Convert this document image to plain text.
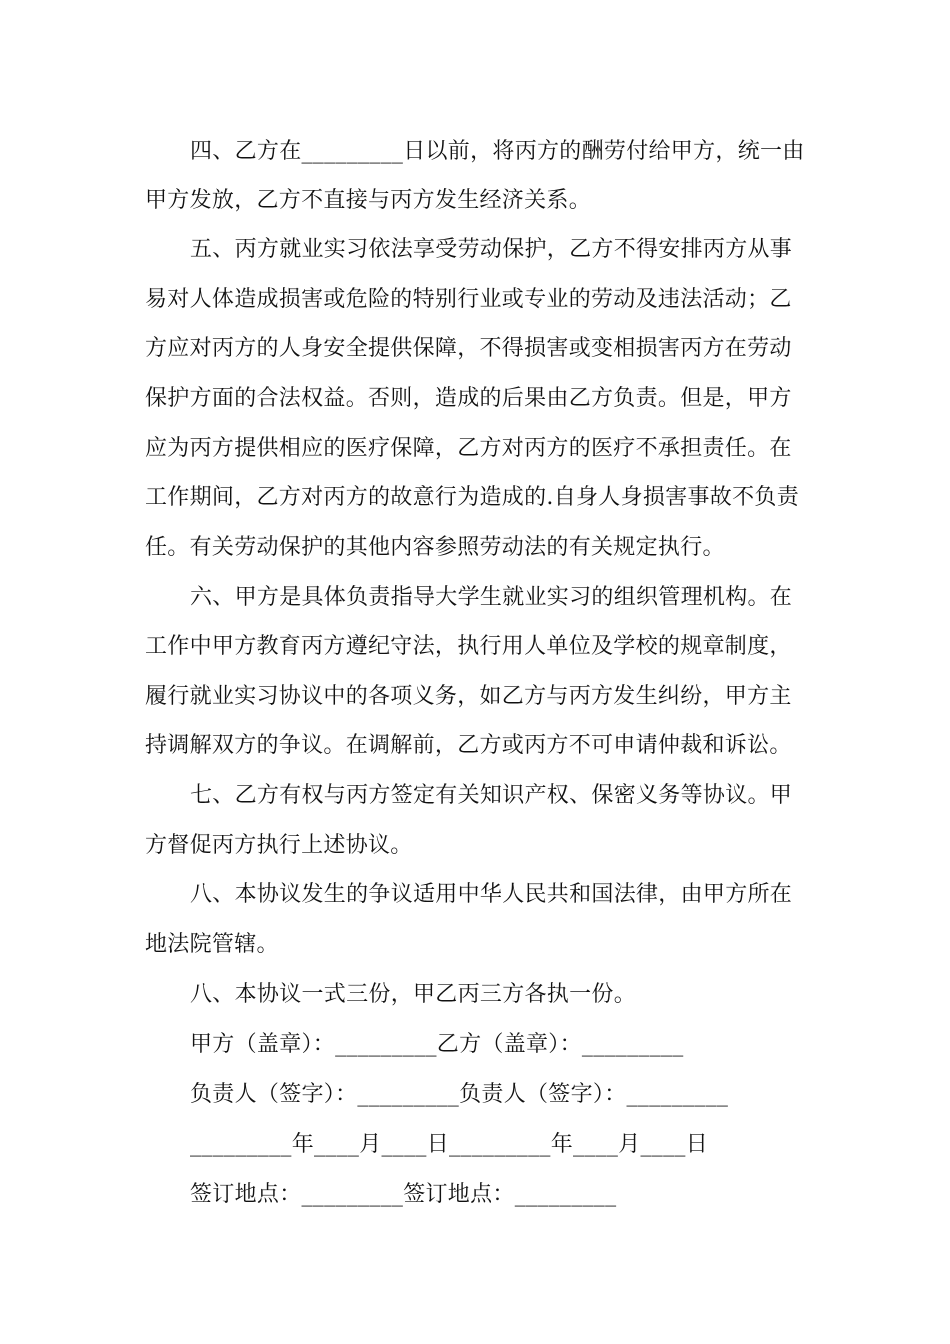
四、乙方在_________日以前，将丙方的酬劳付给甲方，统一由
甲方发放，乙方不直接与丙方发生经济关系。
五、丙方就业实习依法享受劳动保护，乙方不得安排丙方从事
易对人体造成损害或危险的特别行业或专业的劳动及违法活动；乙
方应对丙方的人身安全提供保障，不得损害或变相损害丙方在劳动
保护方面的合法权益。否则，造成的后果由乙方负责。但是，甲方
应为丙方提供相应的医疗保障，乙方对丙方的医疗不承担责任。在
工作期间，乙方对丙方的故意行为造成的.自身人身损害事故不负责
任。有关劳动保护的其他内容参照劳动法的有关规定执行。
六、甲方是具体负责指导大学生就业实习的组织管理机构。在
工作中甲方教育丙方遵纪守法，执行用人单位及学校的规章制度，
履行就业实习协议中的各项义务，如乙方与丙方发生纠纷，甲方主
持调解双方的争议。在调解前，乙方或丙方不可申请仲裁和诉讼。
七、乙方有权与丙方签定有关知识产权、保密义务等协议。甲
方督促丙方执行上述协议。
八、本协议发生的争议适用中华人民共和国法律，由甲方所在
地法院管辖。
八、本协议一式三份，甲乙丙三方各执一份。
甲方（盖章）：_________乙方（盖章）：_________
负责人（签字）：_________负责人（签字）：_________
_________年____月____日_________年____月____日
签订地点：_________签订地点：_________
